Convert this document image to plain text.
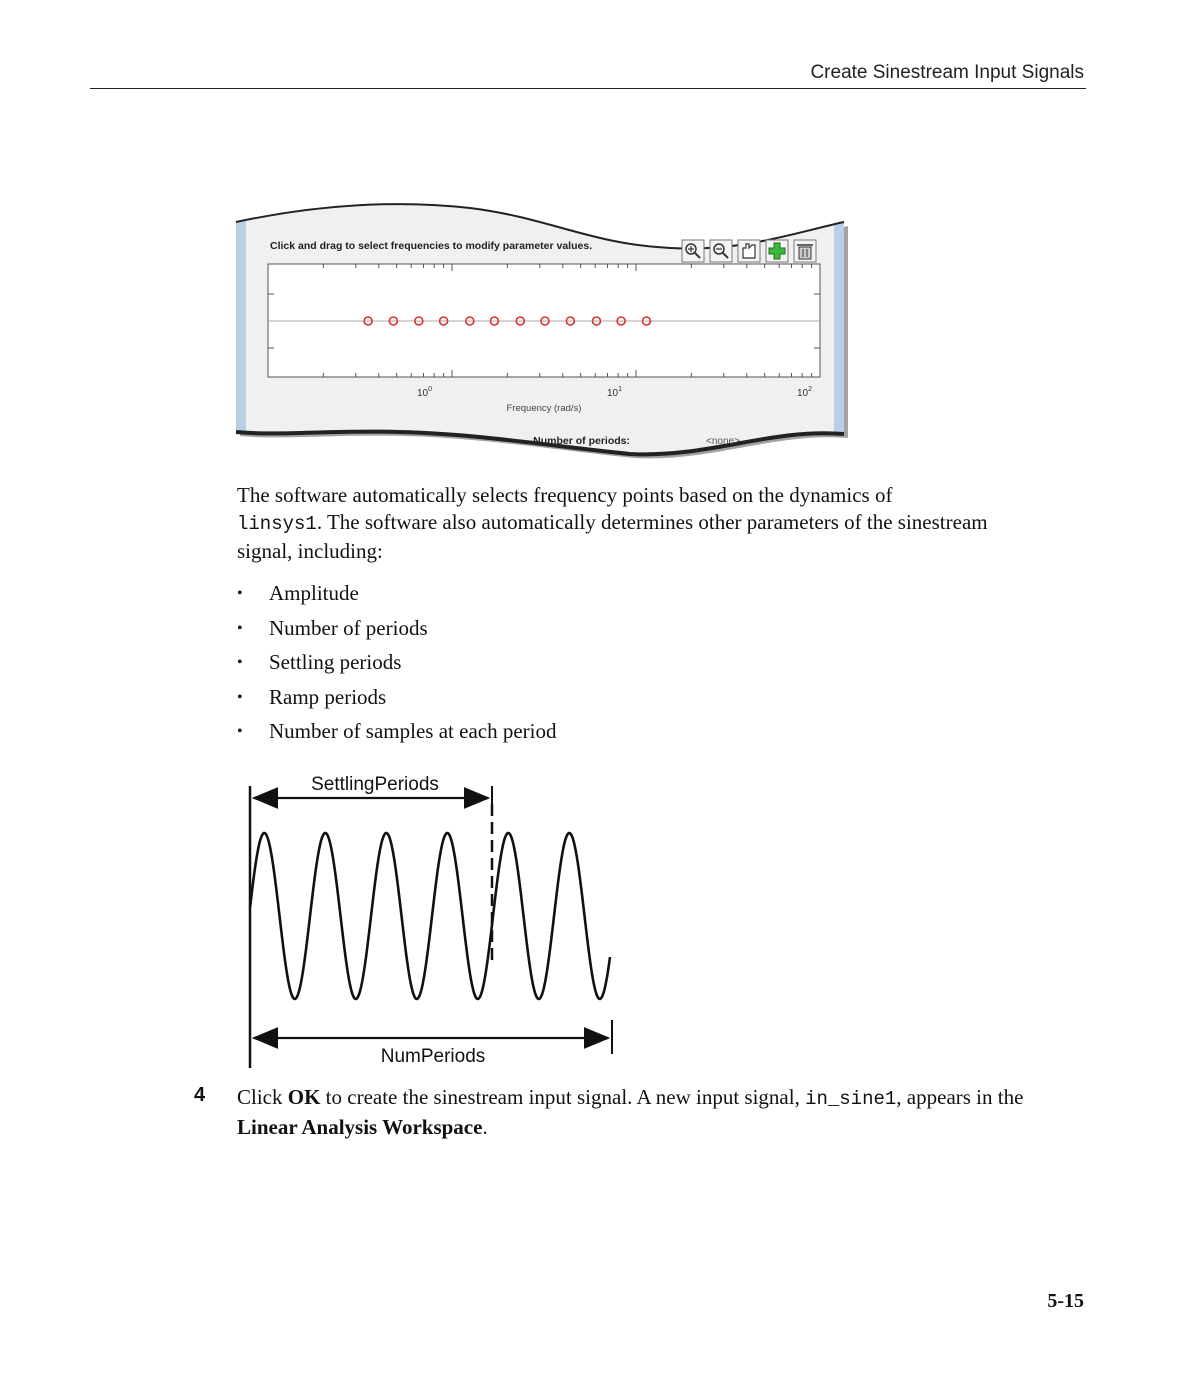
Create Sinestream Input Signals
Click and drag to select frequencies to modify parameter values.
$10^0$	$10^1$	$10^2$
Frequency (rad/s)
Number of periods:	<none>
The software automatically selects frequency points based on the dynamics of
linsys1. The software also automatically determines other parameters of the sinestream signal, including:
• Amplitude
• Number of periods
• Settling periods
• Ramp periods
• Number of samples at each period
SettlingPeriods
NumPeriods
4 Click OK to create the sinestream input signal. A new input signal, in_sine1, appears in the Linear Analysis Workspace.
5-15
